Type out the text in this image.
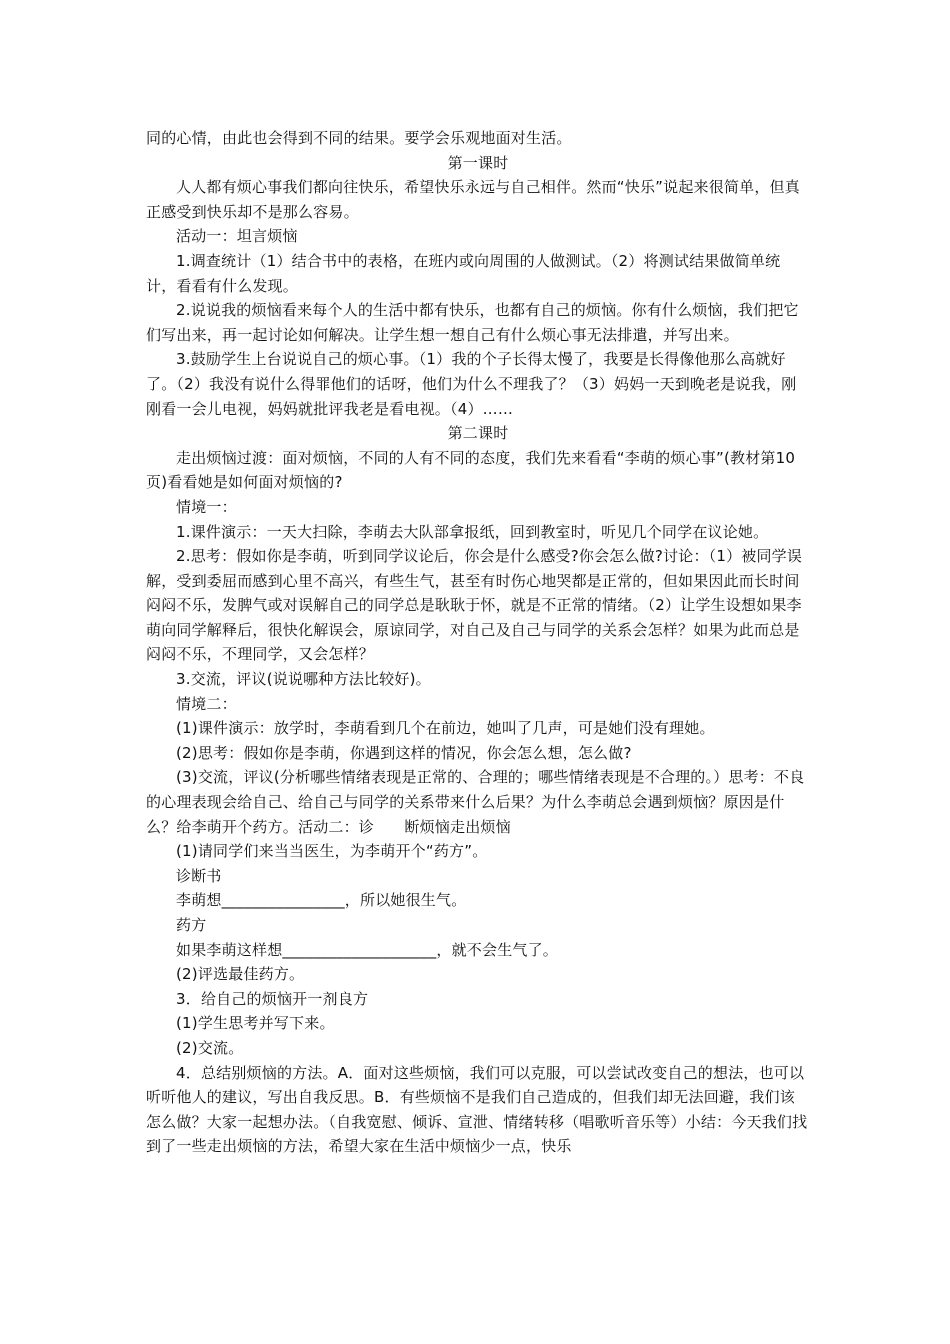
同的心情，由此也会得到不同的结果。要学会乐观地面对生活。

第一课时

人人都有烦心事我们都向往快乐，希望快乐永远与自己相伴。然而“快乐”说起来很简单，但真正感受到快乐却不是那么容易。

活动一：坦言烦恼

1.调查统计（1）结合书中的表格，在班内或向周围的人做测试。（2）将测试结果做简单统计，看看有什么发现。

2.说说我的烦恼看来每个人的生活中都有快乐，也都有自己的烦恼。你有什么烦恼，我们把它们写出来，再一起讨论如何解决。让学生想一想自己有什么烦心事无法排遣，并写出来。

3.鼓励学生上台说说自己的烦心事。（1）我的个子长得太慢了，我要是长得像他那么高就好了。（2）我没有说什么得罪他们的话呀，他们为什么不理我了？（3）妈妈一天到晚老是说我，刚刚看一会儿电视，妈妈就批评我老是看电视。（4）……

第二课时

走出烦恼过渡：面对烦恼，不同的人有不同的态度，我们先来看看“李萌的烦心事”(教材第10页)看看她是如何面对烦恼的?

情境一：

1.课件演示：一天大扫除，李萌去大队部拿报纸，回到教室时，听见几个同学在议论她。

2.思考：假如你是李萌，听到同学议论后，你会是什么感受?你会怎么做?讨论：（1）被同学误解，受到委屈而感到心里不高兴，有些生气，甚至有时伤心地哭都是正常的，但如果因此而长时间闷闷不乐，发脾气或对误解自己的同学总是耿耿于怀，就是不正常的情绪。（2）让学生设想如果李萌向同学解释后，很快化解误会，原谅同学，对自己及自己与同学的关系会怎样？如果为此而总是闷闷不乐，不理同学，又会怎样？

3.交流，评议(说说哪种方法比较好)。

情境二：

(1)课件演示：放学时，李萌看到几个在前边，她叫了几声，可是她们没有理她。

(2)思考：假如你是李萌，你遇到这样的情况，你会怎么想，怎么做?

(3)交流，评议(分析哪些情绪表现是正常的、合理的；哪些情绪表现是不合理的。）思考：不良的心理表现会给自己、给自己与同学的关系带来什么后果？为什么李萌总会遇到烦恼？原因是什么？给李萌开个药方。活动二：诊　　断烦恼走出烦恼

(1)请同学们来当当医生，为李萌开个“药方”。

诊断书

李萌想________________，所以她很生气。

药方

如果李萌这样想____________________，就不会生气了。

(2)评选最佳药方。

3．给自己的烦恼开一剂良方

(1)学生思考并写下来。

(2)交流。

4．总结别烦恼的方法。A．面对这些烦恼，我们可以克服，可以尝试改变自己的想法，也可以听听他人的建议，写出自我反思。B．有些烦恼不是我们自己造成的，但我们却无法回避，我们该怎么做？大家一起想办法。（自我宽慰、倾诉、宣泄、情绪转移（唱歌听音乐等）小结：今天我们找到了一些走出烦恼的方法，希望大家在生活中烦恼少一点，快乐
